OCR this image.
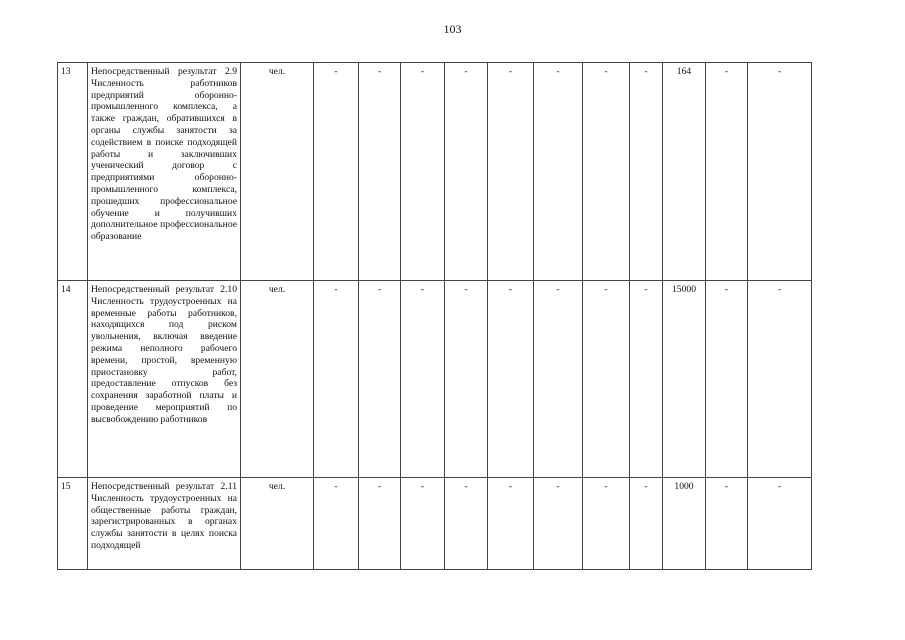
103
13	Непосредственный результат 2.9 Численность работников предприятий оборонно-промышленного комплекса, а также граждан, обратившихся в органы службы занятости за содействием в поиске подходящей работы и заключивших ученический договор с предприятиями оборонно-промышленного комплекса, прошедших профессиональное обучение и получивших дополнительное профессиональное образование	чел.	-	-	-	-	-	-	-	-	164	-	-
14	Непосредственный результат 2.10 Численность трудоустроенных на временные работы работников, находящихся под риском увольнения, включая введение режима неполного рабочего времени, простой, временную приостановку работ, предоставление отпусков без сохранения заработной платы и проведение мероприятий по высвобождению работников	чел.	-	-	-	-	-	-	-	-	15000	-	-
15	Непосредственный результат 2.11 Численность трудоустроенных на общественные работы граждан, зарегистрированных в органах службы занятости в целях поиска подходящей	чел.	-	-	-	-	-	-	-	-	1000	-	-
